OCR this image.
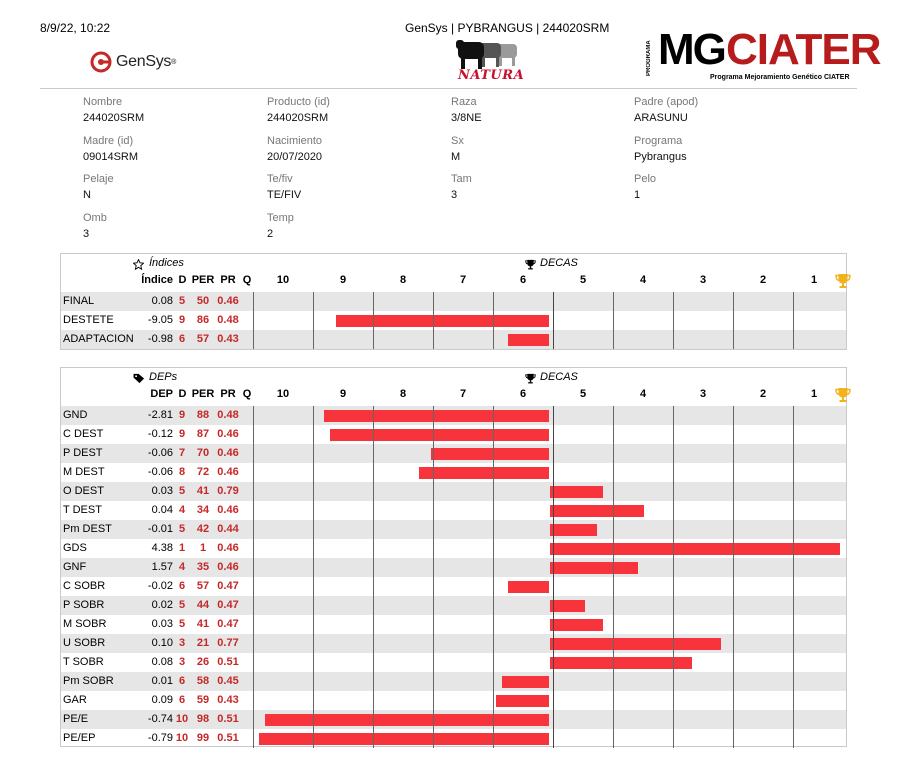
8/9/22, 10:22	GenSys | PYBRANGUS | 244020SRM
GenSys ®
NATURA	PROGRAMA MG CIATER
Programa Mejoramiento Genético CIATER
Nombre
244020SRM
Producto (id)
244020SRM
Raza
3/8NE
Padre (apod)
ARASUNU
Madre (id)
09014SRM
Nacimiento
20/07/2020
Sx
M
Programa
Pybrangus
Pelaje
N
Te/fiv
TE/FIV
Tam
3
Pelo
1
Omb
3
Temp
2
Índices	DECAS
Índice D PER PR Q	10	9	8	7	6	5	4	3	2	1
FINAL	0.08 5	50 0.46
DESTETE	-9.05 9	86 0.48
ADAPTACION	-0.98 6	57 0.43
DEPs	DECAS
DEP D PER PR Q	10	9	8	7	6	5	4	3	2	1
GND	-2.81 9	88 0.48
C DEST	-0.12 9	87 0.46
P DEST	-0.06 7	70 0.46
M DEST	-0.06 8	72 0.46
O DEST	0.03 5	41 0.79
T DEST	0.04 4	34 0.46
Pm DEST	-0.01 5	42 0.44
GDS	4.38 1	1	0.46
GNF	1.57 4	35 0.46
C SOBR	-0.02 6	57 0.47
P SOBR	0.02 5	44 0.47
M SOBR	0.03 5	41 0.47
U SOBR	0.10 3	21 0.77
T SOBR	0.08 3	26 0.51
Pm SOBR	0.01 6	58 0.45
GAR	0.09 6	59 0.43
PE/E	-0.74 10 98 0.51
PE/EP	-0.79 10 99 0.51
